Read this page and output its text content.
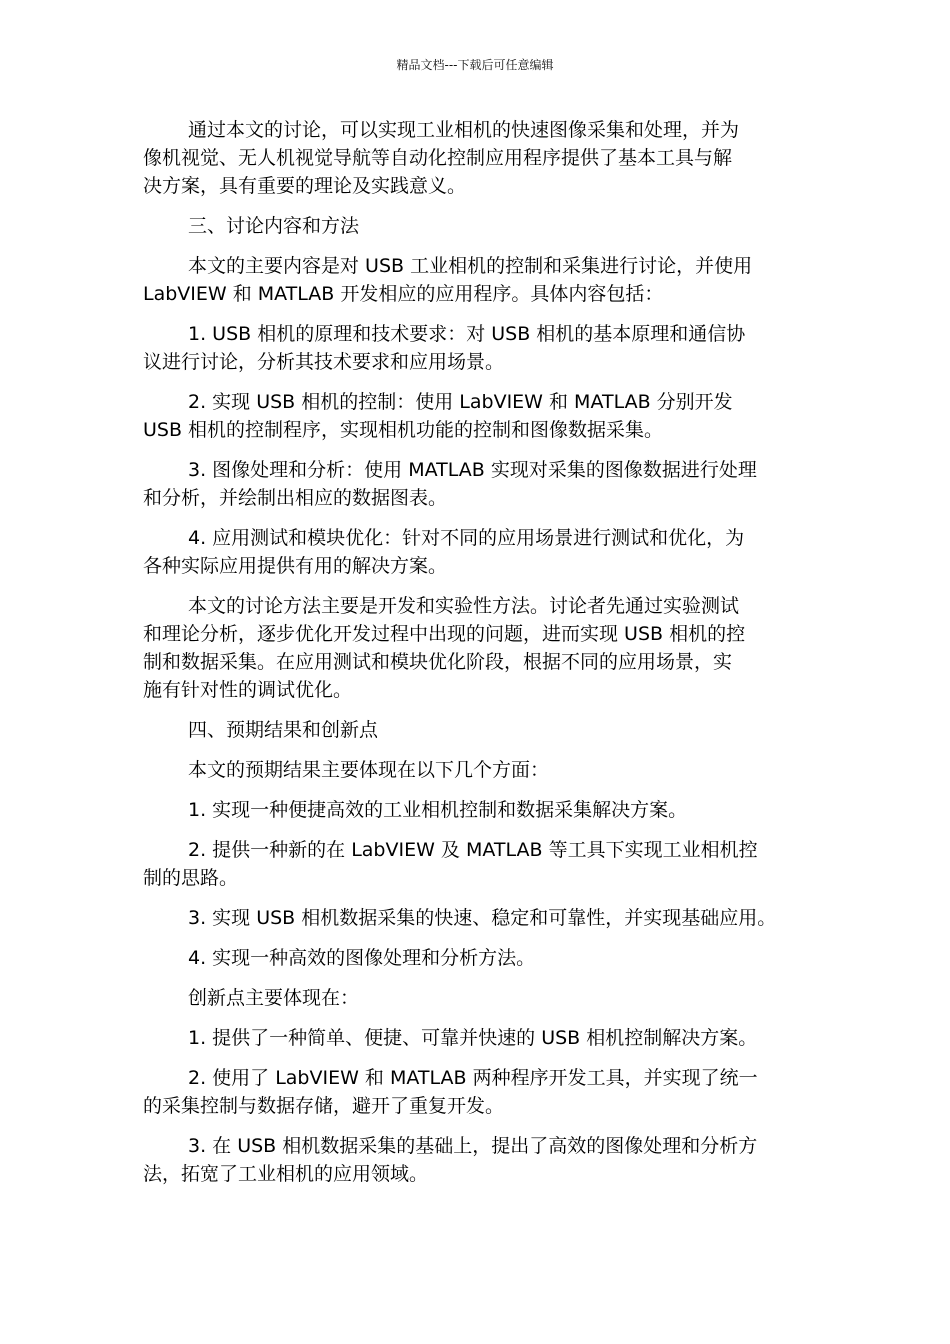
精品文档---下载后可任意编辑

通过本文的讨论，可以实现工业相机的快速图像采集和处理，并为
像机视觉、无人机视觉导航等自动化控制应用程序提供了基本工具与解
决方案，具有重要的理论及实践意义。

三、讨论内容和方法

本文的主要内容是对 USB 工业相机的控制和采集进行讨论，并使用
LabVIEW 和 MATLAB 开发相应的应用程序。具体内容包括：

1. USB 相机的原理和技术要求：对 USB 相机的基本原理和通信协
议进行讨论，分析其技术要求和应用场景。

2. 实现 USB 相机的控制：使用 LabVIEW 和 MATLAB 分别开发
USB 相机的控制程序，实现相机功能的控制和图像数据采集。

3. 图像处理和分析：使用 MATLAB 实现对采集的图像数据进行处理
和分析，并绘制出相应的数据图表。

4. 应用测试和模块优化：针对不同的应用场景进行测试和优化，为
各种实际应用提供有用的解决方案。

本文的讨论方法主要是开发和实验性方法。讨论者先通过实验测试
和理论分析，逐步优化开发过程中出现的问题，进而实现 USB 相机的控
制和数据采集。在应用测试和模块优化阶段，根据不同的应用场景，实
施有针对性的调试优化。

四、预期结果和创新点

本文的预期结果主要体现在以下几个方面：

1. 实现一种便捷高效的工业相机控制和数据采集解决方案。

2. 提供一种新的在 LabVIEW 及 MATLAB 等工具下实现工业相机控
制的思路。

3. 实现 USB 相机数据采集的快速、稳定和可靠性，并实现基础应用。

4. 实现一种高效的图像处理和分析方法。

创新点主要体现在：

1. 提供了一种简单、便捷、可靠并快速的 USB 相机控制解决方案。

2. 使用了 LabVIEW 和 MATLAB 两种程序开发工具，并实现了统一
的采集控制与数据存储，避开了重复开发。

3. 在 USB 相机数据采集的基础上，提出了高效的图像处理和分析方
法，拓宽了工业相机的应用领域。
